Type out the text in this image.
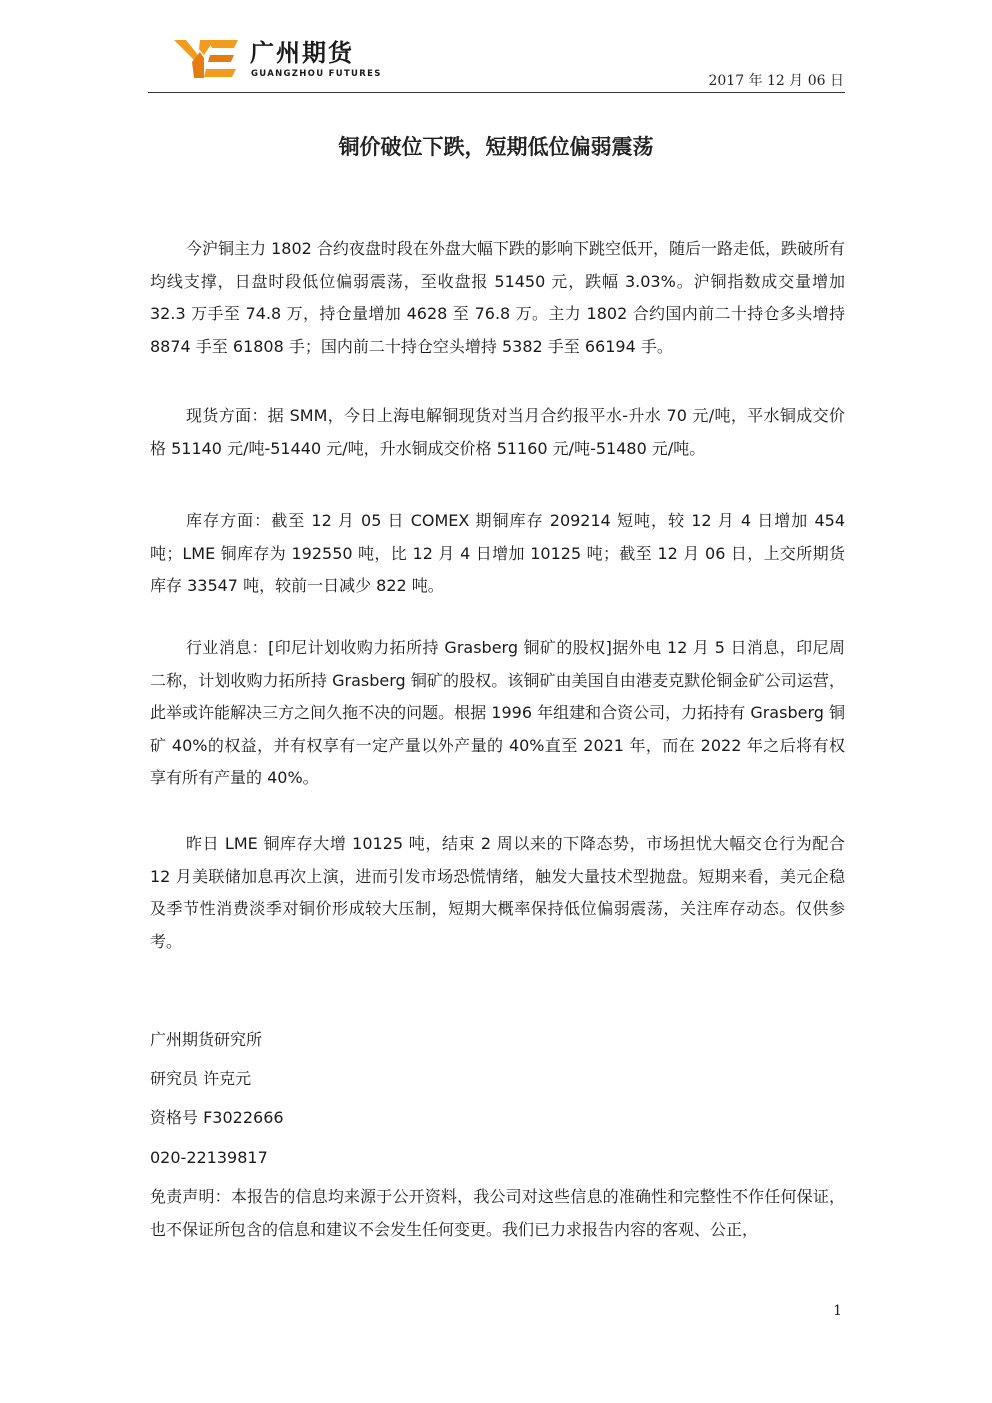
广州期货
GUANGZHOU FUTURES	2017 年 12 月 06 日
铜价破位下跌，短期低位偏弱震荡

今沪铜主力 1802 合约夜盘时段在外盘大幅下跌的影响下跳空低开，随后一路走低，跌破所有均线支撑，日盘时段低位偏弱震荡，至收盘报 51450 元，跌幅 3.03%。沪铜指数成交量增加 32.3 万手至 74.8 万，持仓量增加 4628 至 76.8 万。主力 1802 合约国内前二十持仓多头增持 8874 手至 61808 手；国内前二十持仓空头增持 5382 手至 66194 手。

现货方面：据 SMM，今日上海电解铜现货对当月合约报平水-升水 70 元/吨，平水铜成交价格 51140 元/吨-51440 元/吨，升水铜成交价格 51160 元/吨-51480 元/吨。

库存方面：截至 12 月 05 日 COMEX 期铜库存 209214 短吨，较 12 月 4 日增加 454 吨；LME 铜库存为 192550 吨，比 12 月 4 日增加 10125 吨；截至 12 月 06 日，上交所期货库存 33547 吨，较前一日减少 822 吨。

行业消息：[印尼计划收购力拓所持 Grasberg 铜矿的股权]据外电 12 月 5 日消息，印尼周二称，计划收购力拓所持 Grasberg 铜矿的股权。该铜矿由美国自由港麦克默伦铜金矿公司运营，此举或许能解决三方之间久拖不决的问题。根据 1996 年组建和合资公司，力拓持有 Grasberg 铜矿 40%的权益，并有权享有一定产量以外产量的 40%直至 2021 年，而在 2022 年之后将有权享有所有产量的 40%。

昨日 LME 铜库存大增 10125 吨，结束 2 周以来的下降态势，市场担忧大幅交仓行为配合 12 月美联储加息再次上演，进而引发市场恐慌情绪，触发大量技术型抛盘。短期来看，美元企稳及季节性消费淡季对铜价形成较大压制，短期大概率保持低位偏弱震荡，关注库存动态。仅供参考。

广州期货研究所
研究员 许克元
资格号 F3022666
020-22139817

免责声明：本报告的信息均来源于公开资料，我公司对这些信息的准确性和完整性不作任何保证，也不保证所包含的信息和建议不会发生任何变更。我们已力求报告内容的客观、公正，

1
